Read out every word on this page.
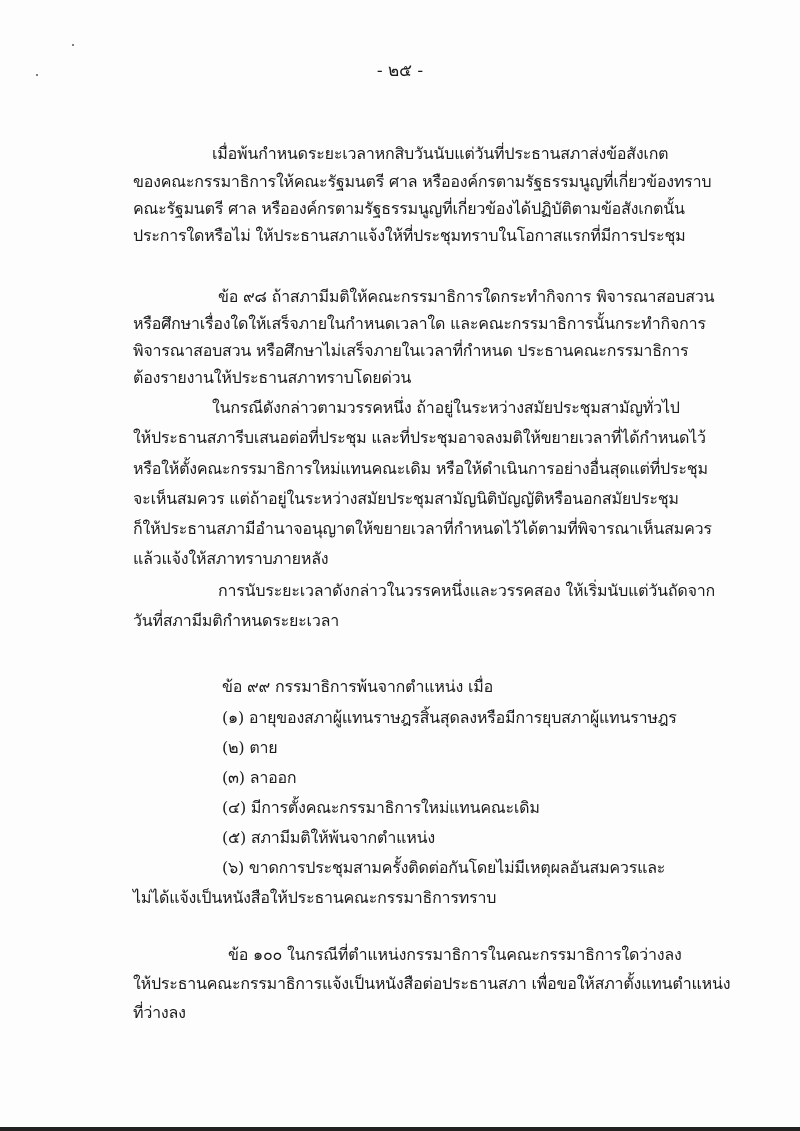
- ๒๕ -
เมื่อพ้นกำหนดระยะเวลาหกสิบวันนับแต่วันที่ประธานสภาส่งข้อสังเกต
ของคณะกรรมาธิการให้คณะรัฐมนตรี ศาล หรือองค์กรตามรัฐธรรมนูญที่เกี่ยวข้องทราบ
คณะรัฐมนตรี ศาล หรือองค์กรตามรัฐธรรมนูญที่เกี่ยวข้องได้ปฏิบัติตามข้อสังเกตนั้น
ประการใดหรือไม่ ให้ประธานสภาแจ้งให้ที่ประชุมทราบในโอกาสแรกที่มีการประชุม
ข้อ ๙๘ ถ้าสภามีมติให้คณะกรรมาธิการใดกระทำกิจการ พิจารณาสอบสวน
หรือศึกษาเรื่องใดให้เสร็จภายในกำหนดเวลาใด และคณะกรรมาธิการนั้นกระทำกิจการ
พิจารณาสอบสวน หรือศึกษาไม่เสร็จภายในเวลาที่กำหนด ประธานคณะกรรมาธิการ
ต้องรายงานให้ประธานสภาทราบโดยด่วน
ในกรณีดังกล่าวตามวรรคหนึ่ง ถ้าอยู่ในระหว่างสมัยประชุมสามัญทั่วไป
ให้ประธานสภารีบเสนอต่อที่ประชุม และที่ประชุมอาจลงมติให้ขยายเวลาที่ได้กำหนดไว้
หรือให้ตั้งคณะกรรมาธิการใหม่แทนคณะเดิม หรือให้ดำเนินการอย่างอื่นสุดแต่ที่ประชุม
จะเห็นสมควร แต่ถ้าอยู่ในระหว่างสมัยประชุมสามัญนิติบัญญัติหรือนอกสมัยประชุม
ก็ให้ประธานสภามีอำนาจอนุญาตให้ขยายเวลาที่กำหนดไว้ได้ตามที่พิจารณาเห็นสมควร
แล้วแจ้งให้สภาทราบภายหลัง
การนับระยะเวลาดังกล่าวในวรรคหนึ่งและวรรคสอง ให้เริ่มนับแต่วันถัดจาก
วันที่สภามีมติกำหนดระยะเวลา
ข้อ ๙๙ กรรมาธิการพ้นจากตำแหน่ง เมื่อ
(๑) อายุของสภาผู้แทนราษฎรสิ้นสุดลงหรือมีการยุบสภาผู้แทนราษฎร
(๒) ตาย
(๓) ลาออก
(๔) มีการตั้งคณะกรรมาธิการใหม่แทนคณะเดิม
(๕) สภามีมติให้พ้นจากตำแหน่ง
(๖) ขาดการประชุมสามครั้งติดต่อกันโดยไม่มีเหตุผลอันสมควรและ
ไม่ได้แจ้งเป็นหนังสือให้ประธานคณะกรรมาธิการทราบ
ข้อ ๑๐๐ ในกรณีที่ตำแหน่งกรรมาธิการในคณะกรรมาธิการใดว่างลง
ให้ประธานคณะกรรมาธิการแจ้งเป็นหนังสือต่อประธานสภา เพื่อขอให้สภาตั้งแทนตำแหน่ง
ที่ว่างลง
